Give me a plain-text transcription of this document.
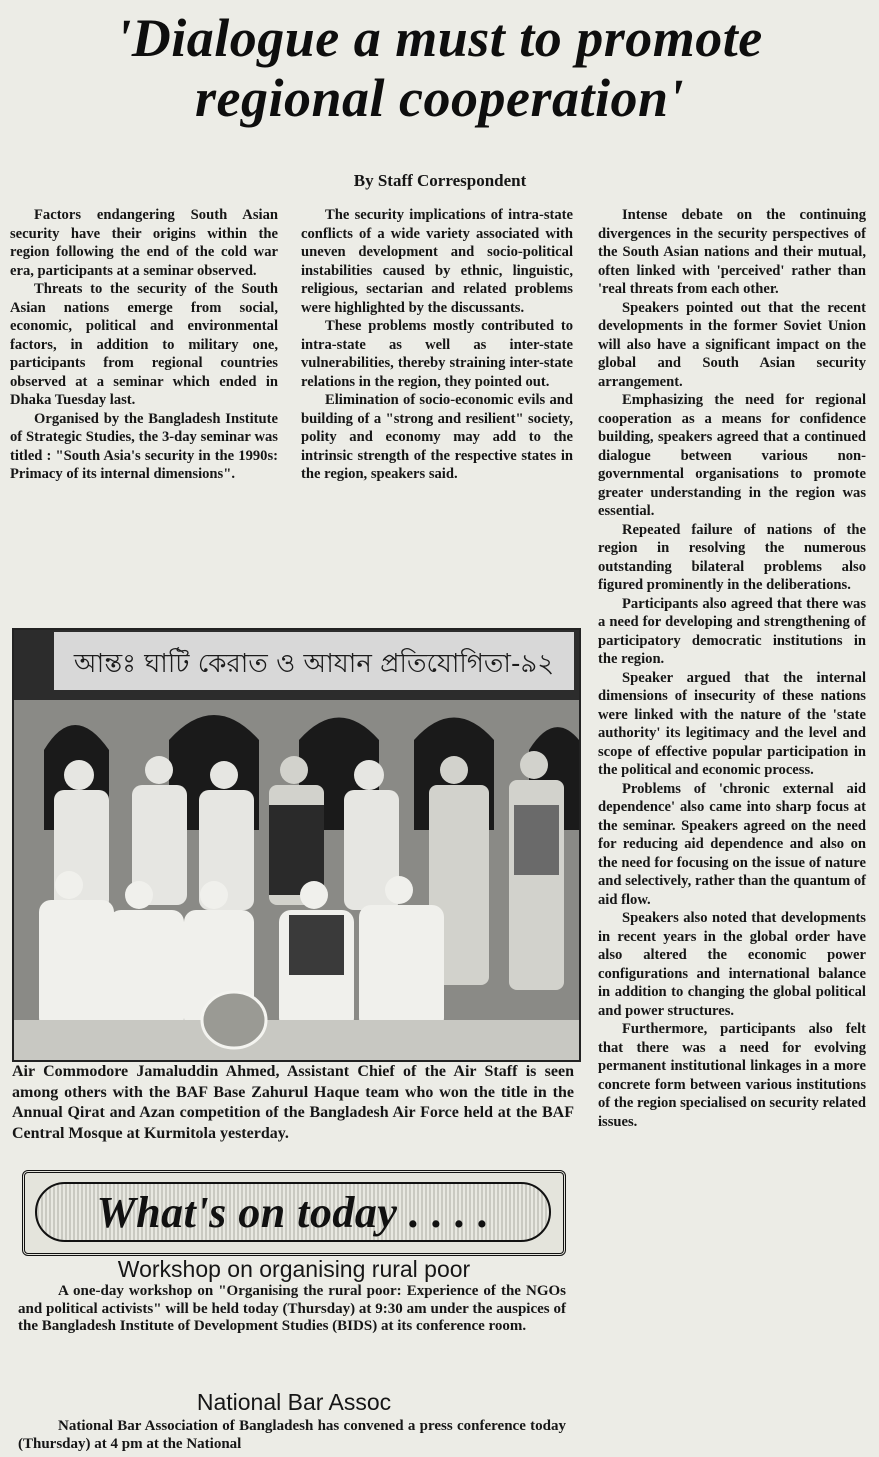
'Dialogue a must to promote
regional cooperation'
By Staff Correspondent

Factors endangering South Asian security have their origins within the region following the end of the cold war era, participants at a seminar observed.

Threats to the security of the South Asian nations emerge from social, economic, political and environmental factors, in addition to military one, participants from regional countries observed at a seminar which ended in Dhaka Tuesday last.

Organised by the Bangladesh Institute of Strategic Studies, the 3-day seminar was titled : "South Asia's security in the 1990s: Primacy of its internal dimensions".

The security implications of intra-state conflicts of a wide variety associated with uneven development and socio-political instabilities caused by ethnic, linguistic, religious, sectarian and related problems were highlighted by the discussants.

These problems mostly contributed to intra-state as well as inter-state vulnerabilities, thereby straining inter-state relations in the region, they pointed out.

Elimination of socio-economic evils and building of a "strong and resilient" society, polity and economy may add to the intrinsic strength of the respective states in the region, speakers said.

Intense debate on the continuing divergences in the security perspectives of the South Asian nations and their mutual, often linked with 'perceived' rather than 'real threats from each other.

Speakers pointed out that the recent developments in the former Soviet Union will also have a significant impact on the global and South Asian security arrangement.

Emphasizing the need for regional cooperation as a means for confidence building, speakers agreed that a continued dialogue between various non-governmental organisations to promote greater understanding in the region was essential.

Repeated failure of nations of the region in resolving the numerous outstanding bilateral problems also figured prominently in the deliberations.

Participants also agreed that there was a need for developing and strengthening of participatory democratic institutions in the region.

Speaker argued that the internal dimensions of insecurity of these nations were linked with the nature of the 'state authority' its legitimacy and the level and scope of effective popular participation in the political and economic process.

Problems of 'chronic external aid dependence' also came into sharp focus at the seminar. Speakers agreed on the need for reducing aid dependence and also on the need for focusing on the issue of nature and selectively, rather than the quantum of aid flow.

Speakers also noted that developments in recent years in the global order have also altered the economic power configurations and international balance in addition to changing the global political and power structures.

Furthermore, participants also felt that there was a need for evolving permanent institutional linkages in a more concrete form between various institutions of the region specialised on security related issues.

আন্তঃ ঘাটি কেরাত ও আযান প্রতিযোগিতা-৯২
Air Commodore Jamaluddin Ahmed, Assistant Chief of the Air Staff is seen among others with the BAF Base Zahurul Haque team who won the title in the Annual Qirat and Azan competition of the Bangladesh Air Force held at the BAF Central Mosque at Kurmitola yesterday.
What's on today . . . .
Workshop on organising rural poor

A one-day workshop on "Organising the rural poor: Experience of the NGOs and political activists" will be held today (Thursday) at 9:30 am under the auspices of the Bangladesh Institute of Development Studies (BIDS) at its conference room.

National Bar Assoc

National Bar Association of Bangladesh has convened a press conference today (Thursday) at 4 pm at the National
